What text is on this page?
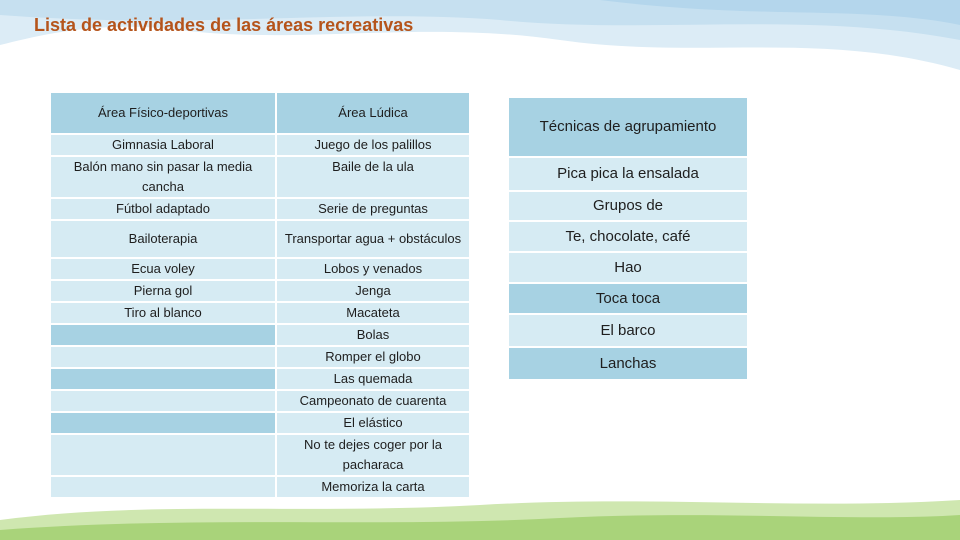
Lista de actividades de las áreas recreativas
Área Físico-deportivas	Área Lúdica
Gimnasia Laboral	Juego de los palillos
Balón mano sin pasar la media cancha	Baile de la ula
Fútbol adaptado	Serie de preguntas
Bailoterapia	Transportar agua + obstáculos
Ecua voley	Lobos y venados
Pierna gol	Jenga
Tiro al blanco	Macateta
	Bolas
	Romper el globo
	Las quemada
	Campeonato de cuarenta
	El elástico
	No te dejes coger por la pacharaca
	Memoriza la carta
Técnicas de agrupamiento
Pica pica la ensalada
Grupos de
Te, chocolate, café
Hao
Toca toca
El barco
Lanchas
